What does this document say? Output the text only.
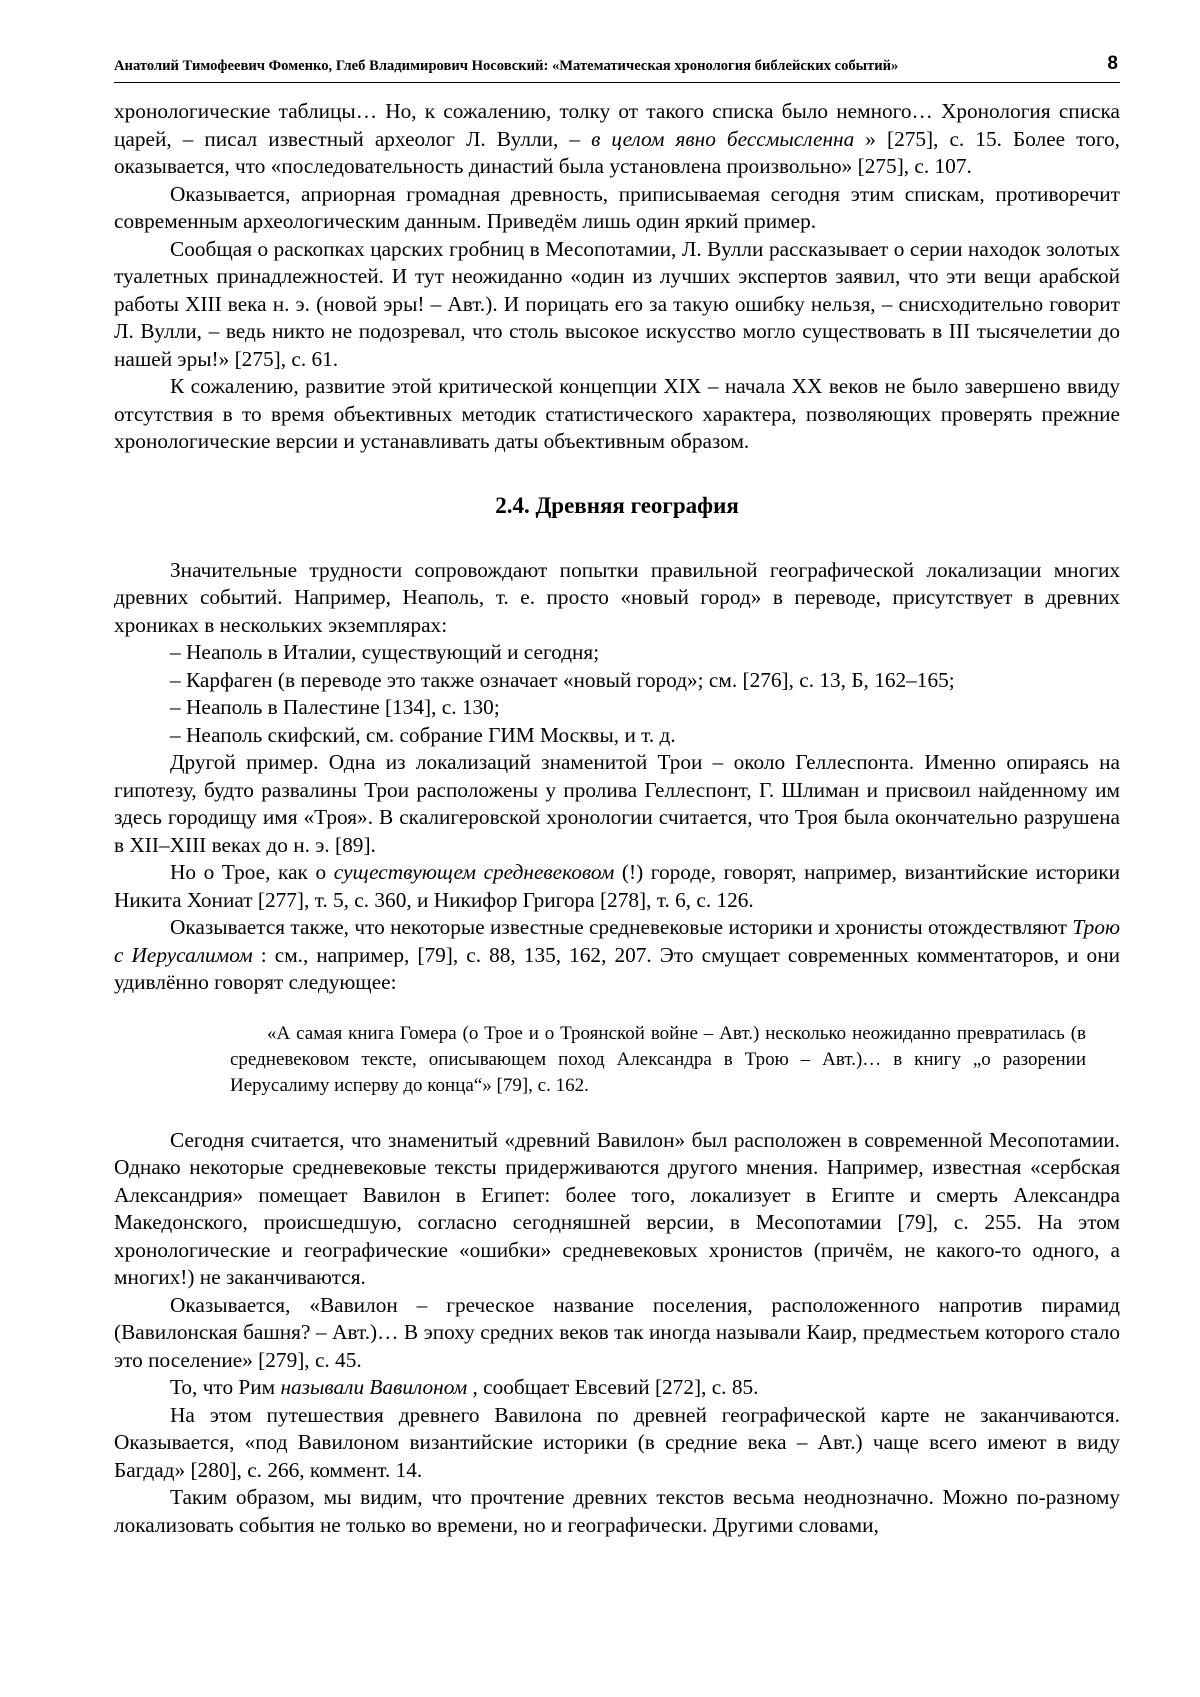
Анатолий Тимофеевич Фоменко, Глеб Владимирович Носовский: «Математическая хронология библейских событий»	8

хронологические таблицы… Но, к сожалению, толку от такого списка было немного… Хронология списка царей, – писал известный археолог Л. Вулли, – в целом явно бессмысленна » [275], с. 15. Более того, оказывается, что «последовательность династий была установлена произвольно» [275], с. 107.

Оказывается, априорная громадная древность, приписываемая сегодня этим спискам, противоречит современным археологическим данным. Приведём лишь один яркий пример.

Сообщая о раскопках царских гробниц в Месопотамии, Л. Вулли рассказывает о серии находок золотых туалетных принадлежностей. И тут неожиданно «один из лучших экспертов заявил, что эти вещи арабской работы XIII века н. э. (новой эры! – Авт.). И порицать его за такую ошибку нельзя, – снисходительно говорит Л. Вулли, – ведь никто не подозревал, что столь высокое искусство могло существовать в III тысячелетии до нашей эры!» [275], с. 61.

К сожалению, развитие этой критической концепции XIX – начала XX веков не было завершено ввиду отсутствия в то время объективных методик статистического характера, позволяющих проверять прежние хронологические версии и устанавливать даты объективным образом.

2.4. Древняя география

Значительные трудности сопровождают попытки правильной географической локализации многих древних событий. Например, Неаполь, т. е. просто «новый город» в переводе, присутствует в древних хрониках в нескольких экземплярах:

– Неаполь в Италии, существующий и сегодня;

– Карфаген (в переводе это также означает «новый город»; см. [276], с. 13, Б, 162–165;

– Неаполь в Палестине [134], с. 130;

– Неаполь скифский, см. собрание ГИМ Москвы, и т. д.

Другой пример. Одна из локализаций знаменитой Трои – около Геллеспонта. Именно опираясь на гипотезу, будто развалины Трои расположены у пролива Геллеспонт, Г. Шлиман и присвоил найденному им здесь городищу имя «Троя». В скалигеровской хронологии считается, что Троя была окончательно разрушена в XII–XIII веках до н. э. [89].

Но о Трое, как о существующем средневековом (!) городе, говорят, например, византийские историки Никита Хониат [277], т. 5, с. 360, и Никифор Григора [278], т. 6, с. 126.

Оказывается также, что некоторые известные средневековые историки и хронисты отождествляют Трою с Иерусалимом : см., например, [79], с. 88, 135, 162, 207. Это смущает современных комментаторов, и они удивлённо говорят следующее:

«А самая книга Гомера (о Трое и о Троянской войне – Авт.) несколько неожиданно превратилась (в средневековом тексте, описывающем поход Александра в Трою – Авт.)… в книгу „о разорении Иерусалиму исперву до конца“» [79], с. 162.

Сегодня считается, что знаменитый «древний Вавилон» был расположен в современной Месопотамии. Однако некоторые средневековые тексты придерживаются другого мнения. Например, известная «сербская Александрия» помещает Вавилон в Египет: более того, локализует в Египте и смерть Александра Македонского, происшедшую, согласно сегодняшней версии, в Месопотамии [79], с. 255. На этом хронологические и географические «ошибки» средневековых хронистов (причём, не какого-то одного, а многих!) не заканчиваются.

Оказывается, «Вавилон – греческое название поселения, расположенного напротив пирамид (Вавилонская башня? – Авт.)… В эпоху средних веков так иногда называли Каир, предместьем которого стало это поселение» [279], с. 45.

То, что Рим называли Вавилоном , сообщает Евсевий [272], с. 85.

На этом путешествия древнего Вавилона по древней географической карте не заканчиваются. Оказывается, «под Вавилоном византийские историки (в средние века – Авт.) чаще всего имеют в виду Багдад» [280], с. 266, коммент. 14.

Таким образом, мы видим, что прочтение древних текстов весьма неоднозначно. Можно по-разному локализовать события не только во времени, но и географически. Другими словами,
